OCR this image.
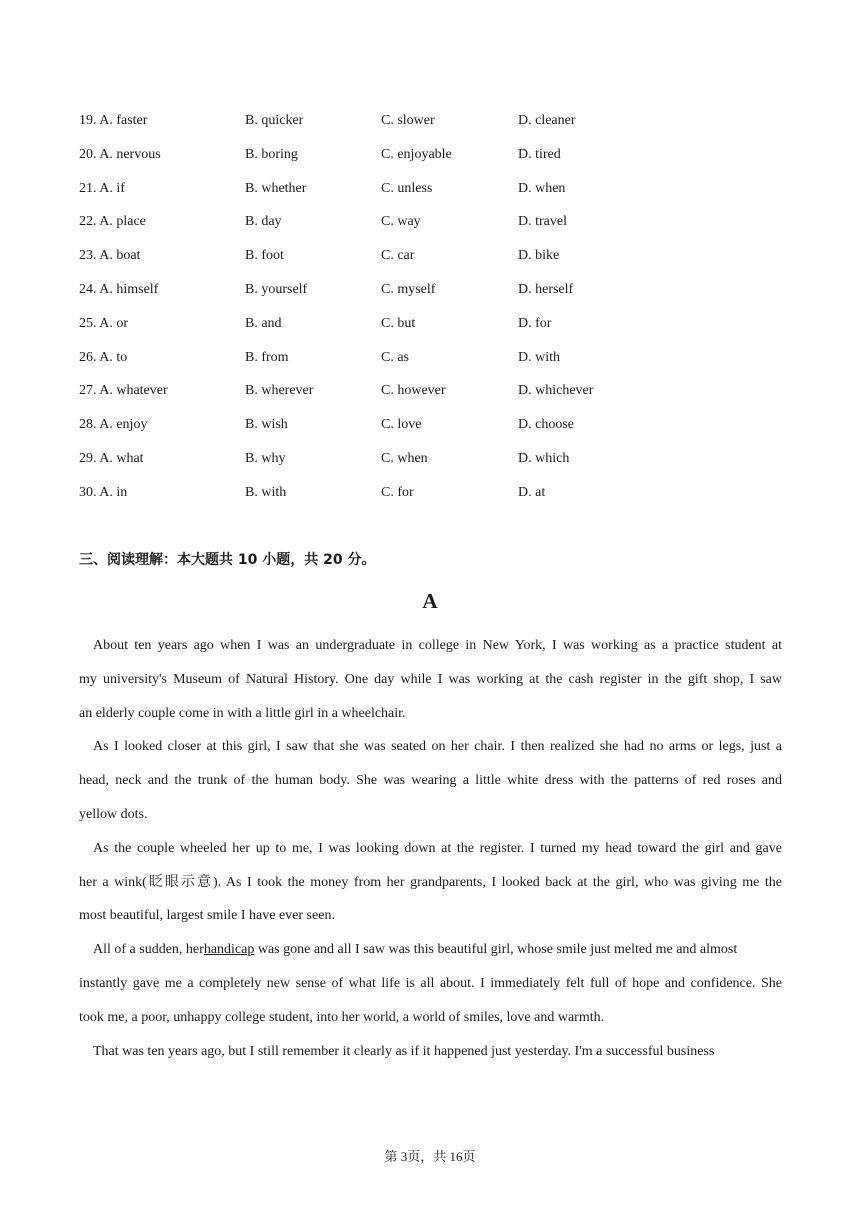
19. A. faster	B. quicker	C. slower	D. cleaner
20. A. nervous	B. boring	C. enjoyable	D. tired
21. A. if	B. whether	C. unless	D. when
22. A. place	B. day	C. way	D. travel
23. A. boat	B. foot	C. car	D. bike
24. A. himself	B. yourself	C. myself	D. herself
25. A. or	B. and	C. but	D. for
26. A. to	B. from	C. as	D. with
27. A. whatever	B. wherever	C. however	D. whichever
28. A. enjoy	B. wish	C. love	D. choose
29. A. what	B. why	C. when	D. which
30. A. in	B. with	C. for	D. at
三、阅读理解：本大题共 10 小题，共 20 分。
A
About ten years ago when I was an undergraduate in college in New York, I was working as a practice student at
my university's Museum of Natural History. One day while I was working at the cash register in the gift shop, I saw
an elderly couple come in with a little girl in a wheelchair.
As I looked closer at this girl, I saw that she was seated on her chair. I then realized she had no arms or legs, just a
head, neck and the trunk of the human body. She was wearing a little white dress with the patterns of red roses and
yellow dots.
As the couple wheeled her up to me, I was looking down at the register. I turned my head toward the girl and gave
her a wink(眨眼示意). As I took the money from her grandparents, I looked back at the girl, who was giving me the
most beautiful, largest smile I have ever seen.
All of a sudden, herhandicap was gone and all I saw was this beautiful girl, whose smile just melted me and almost
instantly gave me a completely new sense of what life is all about. I immediately felt full of hope and confidence. She
took me, a poor, unhappy college student, into her world, a world of smiles, love and warmth.
That was ten years ago, but I still remember it clearly as if it happened just yesterday. I'm a successful business
第 3页，共 16页
